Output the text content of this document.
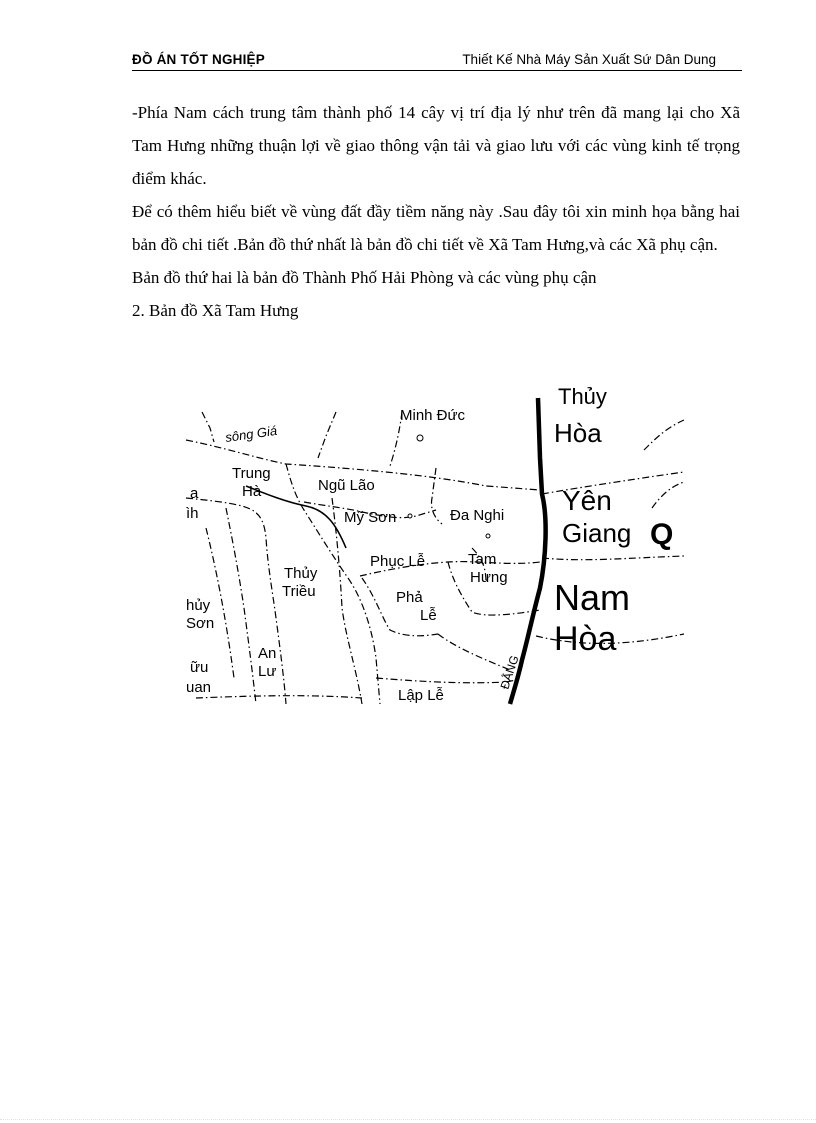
ĐỒ ÁN TỐT NGHIỆP	Thiết Kế Nhà Máy Sản Xuất Sứ Dân Dung

-Phía Nam cách trung tâm thành phố 14 cây vị trí địa lý như trên đã mang lại cho Xã Tam Hưng những thuận lợi về giao thông vận tải và giao lưu với các vùng kinh tế trọng điểm khác.

Để có thêm hiểu biết về vùng đất đầy tiềm năng này .Sau đây tôi xin minh họa bằng hai bản đồ chi tiết .Bản đồ thứ nhất là bản đồ chi tiết về Xã Tam Hưng,và các Xã phụ cận.

Bản đồ thứ hai là bản đồ Thành Phố Hải Phòng và các vùng phụ cận

2. Bản đồ Xã Tam Hưng

Minh Đức
sông Giá
Trung
Hà	Ngũ Lão
Mỹ Sơn	Đa Nghi
Phục Lễ	Tam
Hưng
Thủy
Triều	Phả
Lễ
An
Lư
Lập Lễ
a
ìh
hủy
Sơn
ữu
uan
Thủy
Hòa
Yên
Giang Q
Nam
Hòa
ĐẰNG
